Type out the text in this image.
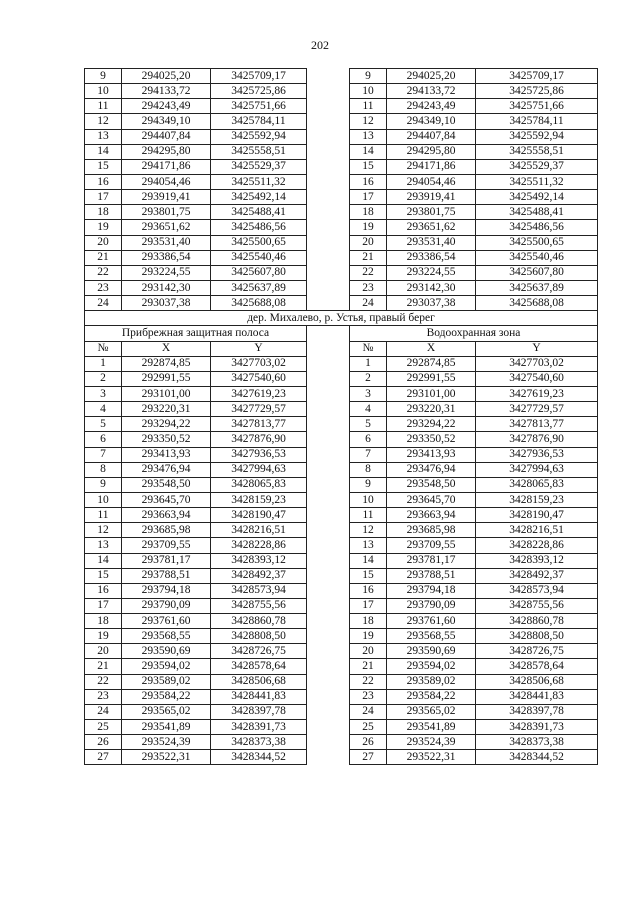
202
9	294025,20	3425709,17		9	294025,20	3425709,17
10	294133,72	3425725,86		10	294133,72	3425725,86
11	294243,49	3425751,66		11	294243,49	3425751,66
12	294349,10	3425784,11		12	294349,10	3425784,11
13	294407,84	3425592,94		13	294407,84	3425592,94
14	294295,80	3425558,51		14	294295,80	3425558,51
15	294171,86	3425529,37		15	294171,86	3425529,37
16	294054,46	3425511,32		16	294054,46	3425511,32
17	293919,41	3425492,14		17	293919,41	3425492,14
18	293801,75	3425488,41		18	293801,75	3425488,41
19	293651,62	3425486,56		19	293651,62	3425486,56
20	293531,40	3425500,65		20	293531,40	3425500,65
21	293386,54	3425540,46		21	293386,54	3425540,46
22	293224,55	3425607,80		22	293224,55	3425607,80
23	293142,30	3425637,89		23	293142,30	3425637,89
24	293037,38	3425688,08		24	293037,38	3425688,08
дер. Михалево, р. Устья, правый берег						
Прибрежная защитная полоса				Водоохранная зона		
№	X	Y		№	X	Y
1	292874,85	3427703,02		1	292874,85	3427703,02
2	292991,55	3427540,60		2	292991,55	3427540,60
3	293101,00	3427619,23		3	293101,00	3427619,23
4	293220,31	3427729,57		4	293220,31	3427729,57
5	293294,22	3427813,77		5	293294,22	3427813,77
6	293350,52	3427876,90		6	293350,52	3427876,90
7	293413,93	3427936,53		7	293413,93	3427936,53
8	293476,94	3427994,63		8	293476,94	3427994,63
9	293548,50	3428065,83		9	293548,50	3428065,83
10	293645,70	3428159,23		10	293645,70	3428159,23
11	293663,94	3428190,47		11	293663,94	3428190,47
12	293685,98	3428216,51		12	293685,98	3428216,51
13	293709,55	3428228,86		13	293709,55	3428228,86
14	293781,17	3428393,12		14	293781,17	3428393,12
15	293788,51	3428492,37		15	293788,51	3428492,37
16	293794,18	3428573,94		16	293794,18	3428573,94
17	293790,09	3428755,56		17	293790,09	3428755,56
18	293761,60	3428860,78		18	293761,60	3428860,78
19	293568,55	3428808,50		19	293568,55	3428808,50
20	293590,69	3428726,75		20	293590,69	3428726,75
21	293594,02	3428578,64		21	293594,02	3428578,64
22	293589,02	3428506,68		22	293589,02	3428506,68
23	293584,22	3428441,83		23	293584,22	3428441,83
24	293565,02	3428397,78		24	293565,02	3428397,78
25	293541,89	3428391,73		25	293541,89	3428391,73
26	293524,39	3428373,38		26	293524,39	3428373,38
27	293522,31	3428344,52		27	293522,31	3428344,52
